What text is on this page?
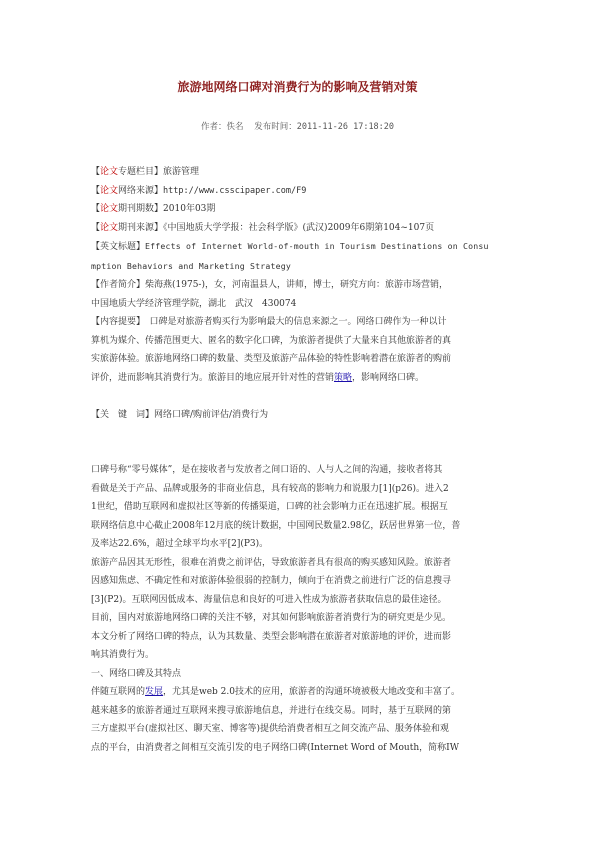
旅游地网络口碑对消费行为的影响及营销对策
作者：佚名 发布时间：2011-11-26 17:18:20

【论文专题栏目】旅游管理

【论文网络来源】http://www.csscipaper.com/F9

【论文期刊期数】2010年03期

【论文期刊来源】《中国地质大学学报：社会科学版》(武汉)2009年6期第104~107页

【英文标题】Effects of Internet World-of-mouth in Tourism Destinations on Consu

mption Behaviors and Marketing Strategy

【作者简介】柴海燕(1975-)，女，河南温县人，讲师，博士，研究方向：旅游市场营销，

中国地质大学经济管理学院，湖北　武汉　430074

【内容提要】　口碑是对旅游者购买行为影响最大的信息来源之一。网络口碑作为一种以计

算机为媒介、传播范围更大、匿名的数字化口碑，为旅游者提供了大量来自其他旅游者的真

实旅游体验。旅游地网络口碑的数量、类型及旅游产品体验的特性影响着潜在旅游者的购前

评价，进而影响其消费行为。旅游目的地应展开针对性的营销策略，影响网络口碑。

【关　键　词】网络口碑/购前评估/消费行为

口碑号称“零号媒体”，是在接收者与发放者之间口语的、人与人之间的沟通，接收者将其

看做是关于产品、品牌或服务的非商业信息，具有较高的影响力和说服力[1](p26)。进入2

1世纪，借助互联网和虚拟社区等新的传播渠道，口碑的社会影响力正在迅速扩展。根据互

联网络信息中心截止2008年12月底的统计数据，中国网民数量2.98亿，跃居世界第一位，普

及率达22.6%，超过全球平均水平[2](P3)。

旅游产品因其无形性，很难在消费之前评估，导致旅游者具有很高的购买感知风险。旅游者

因感知焦虑、不确定性和对旅游体验很弱的控制力，倾向于在消费之前进行广泛的信息搜寻

[3](P2)。互联网因低成本、海量信息和良好的可进入性成为旅游者获取信息的最佳途径。

目前，国内对旅游地网络口碑的关注不够，对其如何影响旅游者消费行为的研究更是少见。

本文分析了网络口碑的特点，认为其数量、类型会影响潜在旅游者对旅游地的评价，进而影

响其消费行为。

一、网络口碑及其特点

伴随互联网的发展，尤其是web 2.0技术的应用，旅游者的沟通环境被极大地改变和丰富了。

越来越多的旅游者通过互联网来搜寻旅游地信息，并进行在线交易。同时，基于互联网的第

三方虚拟平台(虚拟社区、聊天室、博客等)提供给消费者相互之间交流产品、服务体验和观

点的平台，由消费者之间相互交流引发的电子网络口碑(Internet Word of Mouth，简称IW
